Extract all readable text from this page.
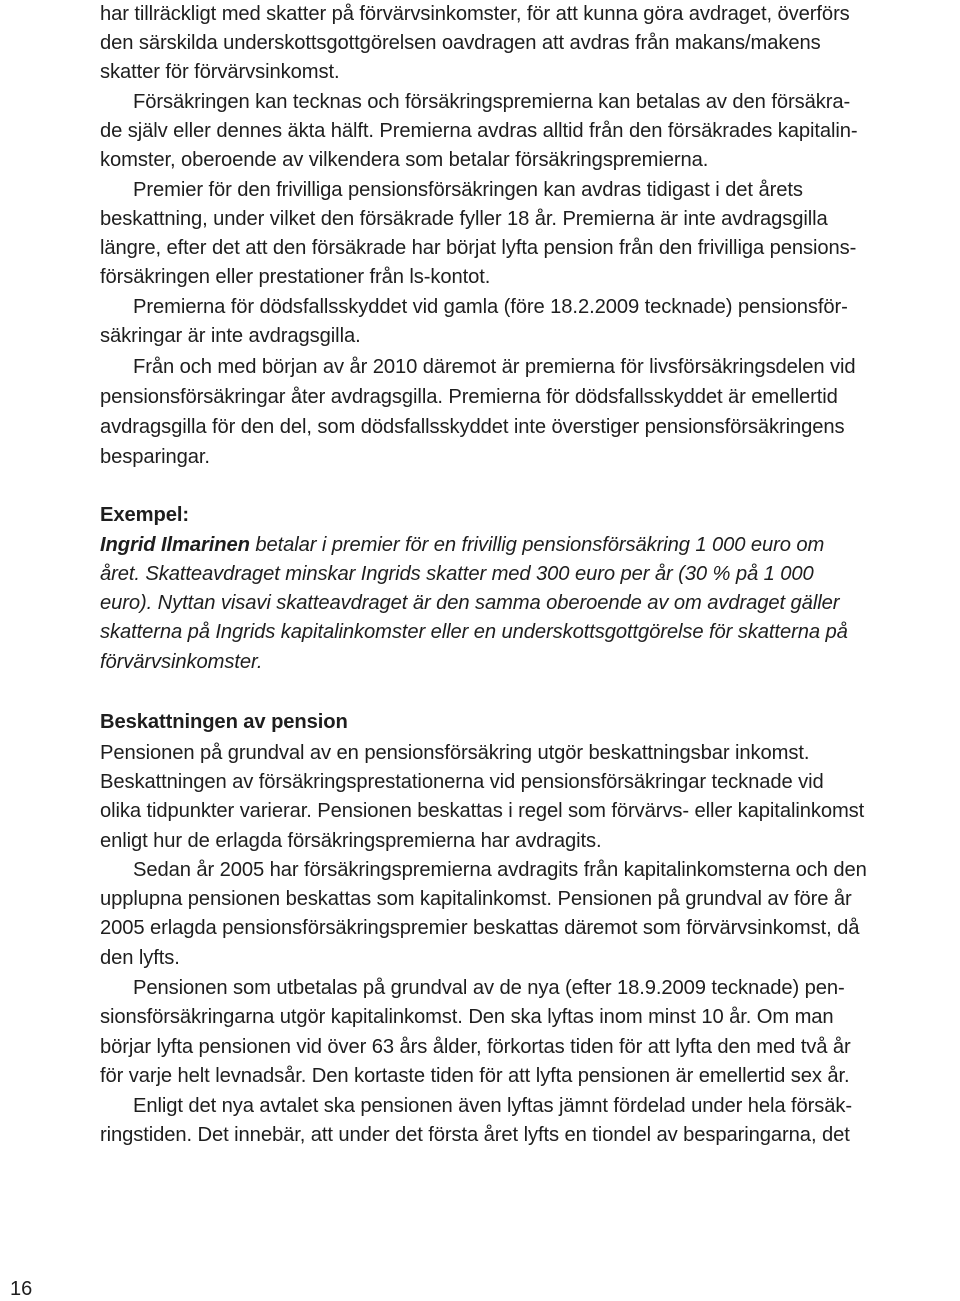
har tillräckligt med skatter på förvärvsinkomster, för att kunna göra avdraget, överförs
den särskilda underskottsgottgörelsen oavdragen att avdras från makans/makens
skatter för förvärvsinkomst.
Försäkringen kan tecknas och försäkringspremierna kan betalas av den försäkra-
de själv eller dennes äkta hälft. Premierna avdras alltid från den försäkrades kapitalin-
komster, oberoende av vilkendera som betalar försäkringspremierna.
Premier för den frivilliga pensionsförsäkringen kan avdras tidigast i det årets
beskattning, under vilket den försäkrade fyller 18 år. Premierna är inte avdragsgilla
längre, efter det att den försäkrade har börjat lyfta pension från den frivilliga pensions-
försäkringen eller prestationer från ls-kontot.
Premierna för dödsfallsskyddet vid gamla (före 18.2.2009 tecknade) pensionsför-
säkringar är inte avdragsgilla.
Från och med början av år 2010 däremot är premierna för livsförsäkringsdelen vid
pensionsförsäkringar åter avdragsgilla. Premierna för dödsfallsskyddet är emellertid
avdragsgilla för den del, som dödsfallsskyddet inte överstiger pensionsförsäkringens
besparingar.
Exempel:
Ingrid Ilmarinen betalar i premier för en frivillig pensionsförsäkring 1 000 euro om
året. Skatteavdraget minskar Ingrids skatter med 300 euro per år (30 % på 1 000
euro). Nyttan visavi skatteavdraget är den samma oberoende av om avdraget gäller
skatterna på Ingrids kapitalinkomster eller en underskottsgottgörelse för skatterna på
förvärvsinkomster.
Beskattningen av pension
Pensionen på grundval av en pensionsförsäkring utgör beskattningsbar inkomst.
Beskattningen av försäkringsprestationerna vid pensionsförsäkringar tecknade vid
olika tidpunkter varierar. Pensionen beskattas i regel som förvärvs- eller kapitalinkomst
enligt hur de erlagda försäkringspremierna har avdragits.
Sedan år 2005 har försäkringspremierna avdragits från kapitalinkomsterna och den
upplupna pensionen beskattas som kapitalinkomst. Pensionen på grundval av före år
2005 erlagda pensionsförsäkringspremier beskattas däremot som förvärvsinkomst, då
den lyfts.
Pensionen som utbetalas på grundval av de nya (efter 18.9.2009 tecknade) pen-
sionsförsäkringarna utgör kapitalinkomst. Den ska lyftas inom minst 10 år. Om man
börjar lyfta pensionen vid över 63 års ålder, förkortas tiden för att lyfta den med två år
för varje helt levnadsår. Den kortaste tiden för att lyfta pensionen är emellertid sex år.
Enligt det nya avtalet ska pensionen även lyftas jämnt fördelad under hela försäk-
ringstiden. Det innebär, att under det första året lyfts en tiondel av besparingarna, det
16
